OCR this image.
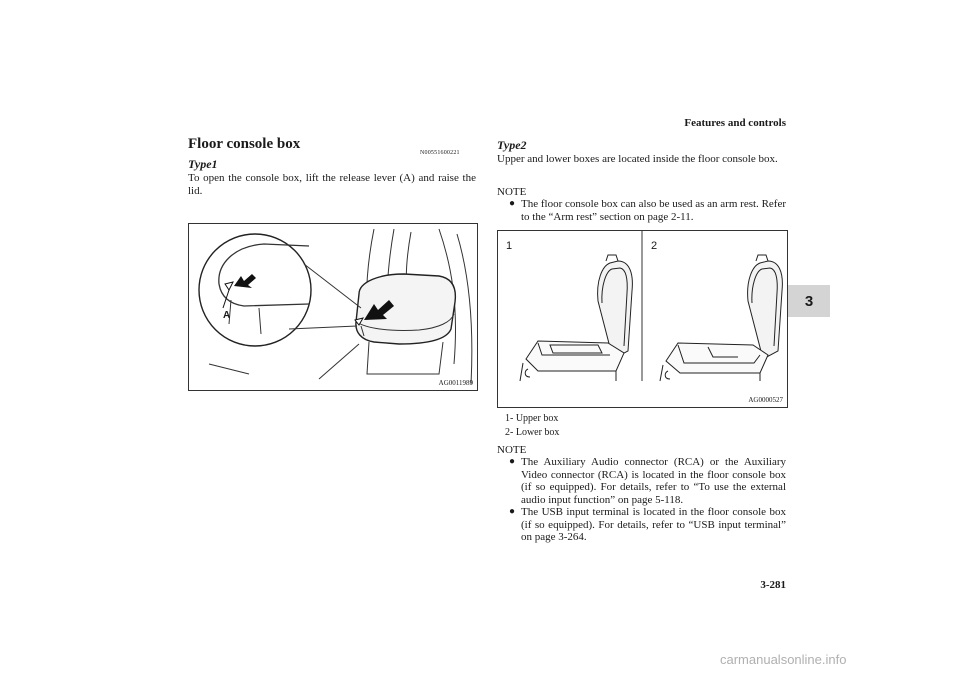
Features and controls
3
Floor console box
N00551600221
Type1
To open the console box, lift the release lever (A) and raise the lid.
A
AG0011989
Type2
Upper and lower boxes are located inside the floor console box.
NOTE
● The floor console box can also be used as an arm rest. Refer to the “Arm rest” section on page 2-11.
1	2
AG0000527
1- Upper box
2- Lower box
NOTE
● The Auxiliary Audio connector (RCA) or the Auxiliary Video connector (RCA) is located in the floor console box (if so equipped). For details, refer to “To use the external audio input function” on page 5-118.
● The USB input terminal is located in the floor console box (if so equipped). For details, refer to “USB input terminal” on page 3-264.
3-281
carmanualsonline.info
